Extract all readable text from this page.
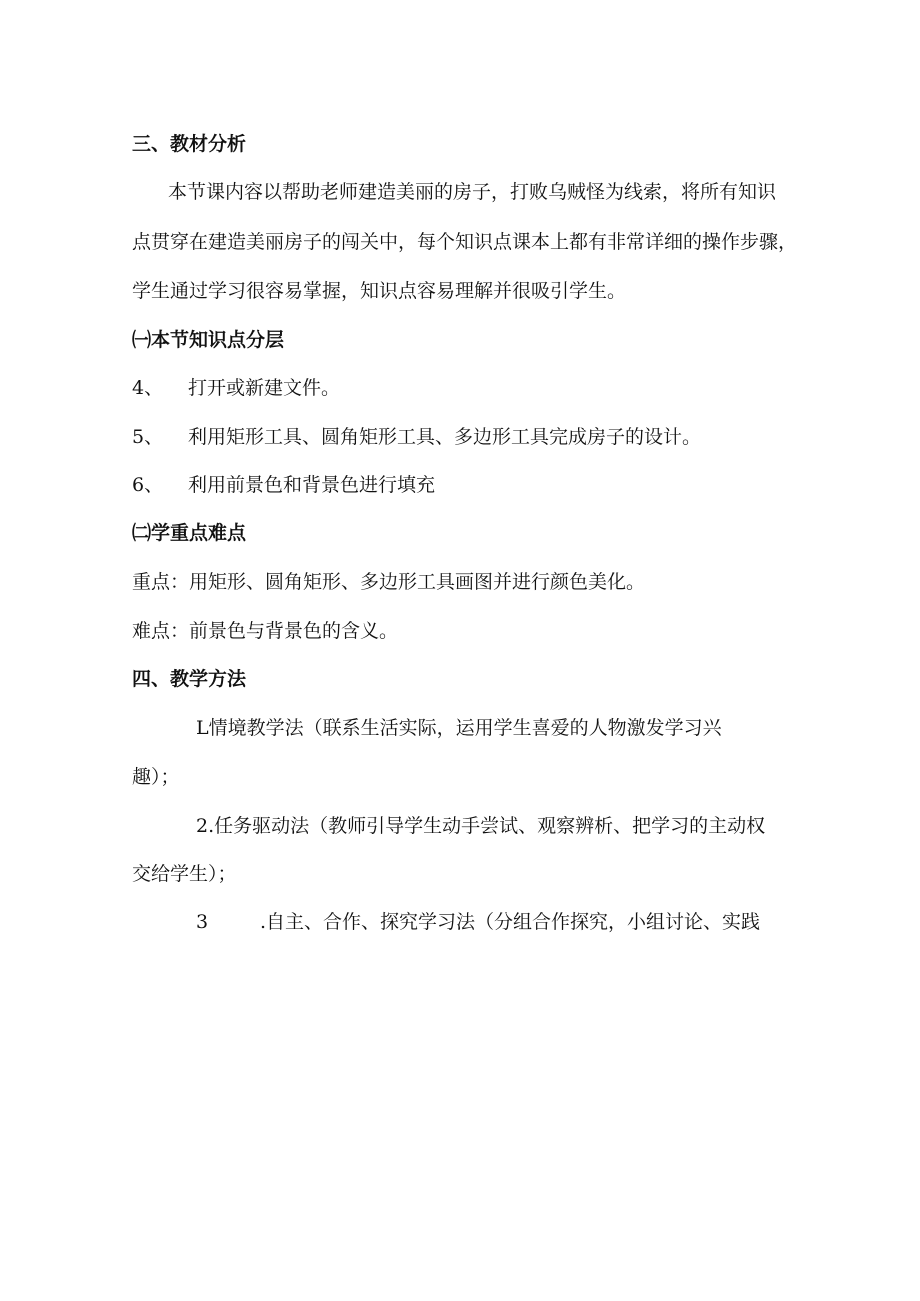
三、教材分析
本节课内容以帮助老师建造美丽的房子，打败乌贼怪为线索，将所有知识
点贯穿在建造美丽房子的闯关中，每个知识点课本上都有非常详细的操作步骤，
学生通过学习很容易掌握，知识点容易理解并很吸引学生。
㈠本节知识点分层
4、 打开或新建文件。
5、 利用矩形工具、圆角矩形工具、多边形工具完成房子的设计。
6、 利用前景色和背景色进行填充
㈡学重点难点
重点：用矩形、圆角矩形、多边形工具画图并进行颜色美化。
难点：前景色与背景色的含义。
四、教学方法
L情境教学法（联系生活实际，运用学生喜爱的人物激发学习兴
趣）；
2.任务驱动法（教师引导学生动手尝试、观察辨析、把学习的主动权
交给学生）；
3	.自主、合作、探究学习法（分组合作探究，小组讨论、实践
